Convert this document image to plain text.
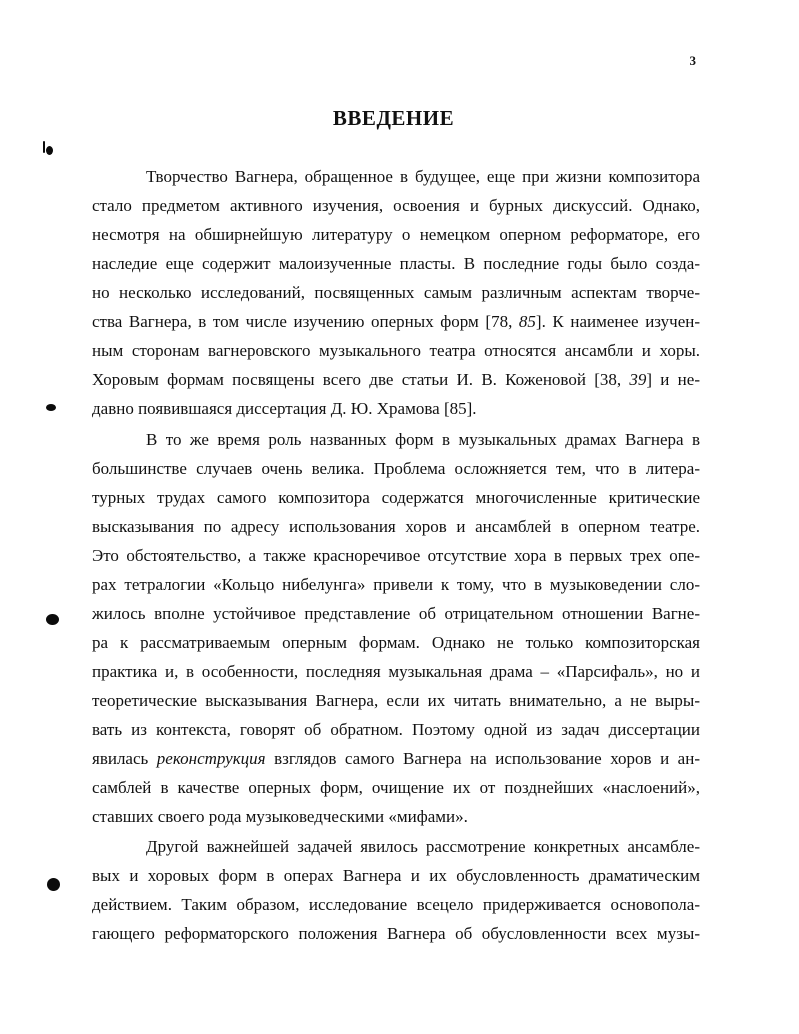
3
ВВЕДЕНИЕ
Творчество Вагнера, обращенное в будущее, еще при жизни композитора
стало предметом активного изучения, освоения и бурных дискуссий. Однако,
несмотря на обширнейшую литературу о немецком оперном реформаторе, его
наследие еще содержит малоизученные пласты. В последние годы было созда-
но несколько исследований, посвященных самым различным аспектам творче-
ства Вагнера, в том числе изучению оперных форм [78, 85]. К наименее изучен-
ным сторонам вагнеровского музыкального театра относятся ансамбли и хоры.
Хоровым формам посвящены всего две статьи И. В. Коженовой [38, 39] и не-
давно появившаяся диссертация Д. Ю. Храмова [85].
В то же время роль названных форм в музыкальных драмах Вагнера в
большинстве случаев очень велика. Проблема осложняется тем, что в литера-
турных трудах самого композитора содержатся многочисленные критические
высказывания по адресу использования хоров и ансамблей в оперном театре.
Это обстоятельство, а также красноречивое отсутствие хора в первых трех опе-
рах тетралогии «Кольцо нибелунга» привели к тому, что в музыковедении сло-
жилось вполне устойчивое представление об отрицательном отношении Вагне-
ра к рассматриваемым оперным формам. Однако не только композиторская
практика и, в особенности, последняя музыкальная драма – «Парсифаль», но и
теоретические высказывания Вагнера, если их читать внимательно, а не выры-
вать из контекста, говорят об обратном. Поэтому одной из задач диссертации
явилась реконструкция взглядов самого Вагнера на использование хоров и ан-
самблей в качестве оперных форм, очищение их от позднейших «наслоений»,
ставших своего рода музыковедческими «мифами».
Другой важнейшей задачей явилось рассмотрение конкретных ансамбле-
вых и хоровых форм в операх Вагнера и их обусловленность драматическим
действием. Таким образом, исследование всецело придерживается основопола-
гающего реформаторского положения Вагнера об обусловленности всех музы-
